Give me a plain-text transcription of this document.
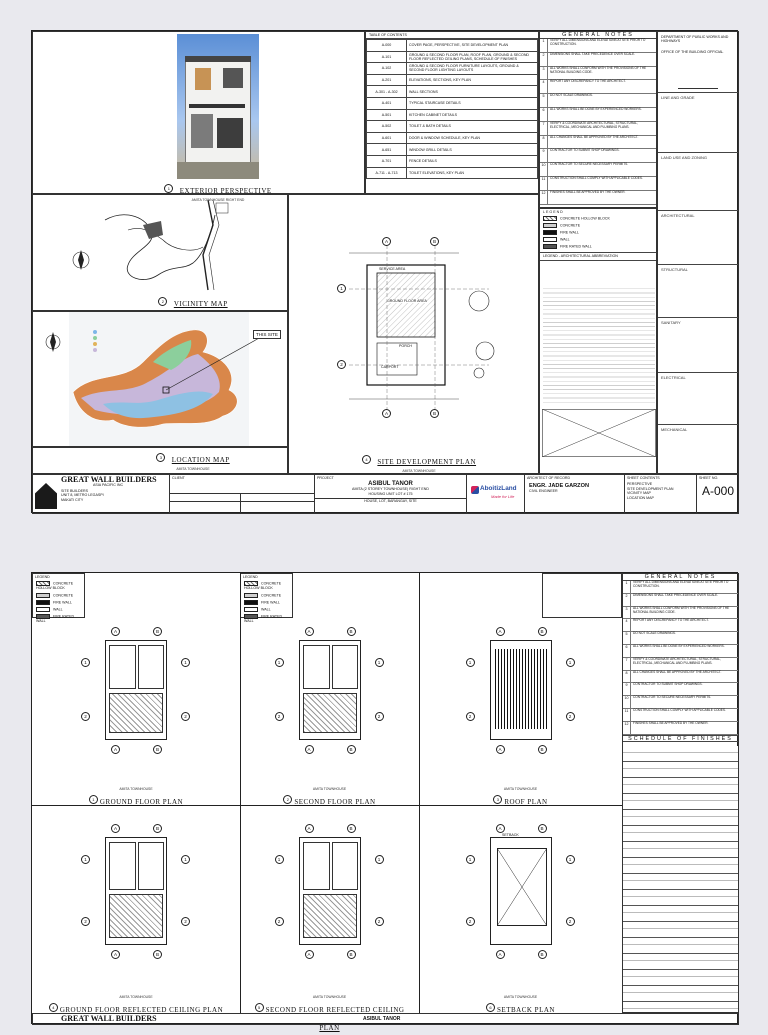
1 EXTERIOR PERSPECTIVE
AMITA TOWNHOUSE RIGHT END
TABLE OF CONTENTS
A-000	COVER PAGE, PERSPECTIVE, SITE DEVELOPMENT PLAN
A-101	GROUND & SECOND FLOOR PLAN, ROOF PLAN, GROUND & SECOND FLOOR REFLECTED CEILING PLANS, SCHEDULE OF FINISHES
A-102	GROUND & SECOND FLOOR FURNITURE LAYOUTS, GROUND & SECOND FLOOR LIGHTING LAYOUTS
A-201	ELEVATIONS, SECTIONS, KEY PLAN
A-301 - A-302	WALL SECTIONS
A-401	TYPICAL STAIRCASE DETAILS
A-501	KITCHEN CABINET DETAILS
A-502	TOILET & BATH DETAILS
A-601	DOOR & WINDOW SCHEDULE, KEY PLAN
A-651	WINDOW GRILL DETAILS
A-701	FENCE DETAILS
A-711 - A-713	TOILET ELEVATIONS, KEY PLAN
GENERAL NOTES
1	VERIFY ALL DIMENSIONS AND ELEVATIONS AT SITE PRIOR TO CONSTRUCTION.
2	DIMENSIONS SHALL TAKE PRECEDENCE OVER SCALE.
3	ALL WORKS SHALL CONFORM WITH THE PROVISIONS OF THE NATIONAL BUILDING CODE.
4	REPORT ANY DISCREPANCY TO THE ARCHITECT.
5	DO NOT SCALE DRAWINGS.
6	ALL WORKS SHALL BE DONE BY EXPERIENCED WORKERS.
7	VERIFY & COORDINATE ARCHITECTURAL, STRUCTURAL, ELECTRICAL, MECHANICAL AND PLUMBING PLANS.
8	ALL CHANGES SHALL BE APPROVED BY THE ARCHITECT.
9	CONTRACTOR TO SUBMIT SHOP DRAWINGS.
10	CONTRACTOR TO SECURE NECESSARY PERMITS.
11	CONSTRUCTION SHALL COMPLY WITH APPLICABLE CODES.
12	FINISHES SHALL BE APPROVED BY THE OWNER.
DEPARTMENT OF PUBLIC WORKS AND HIGHWAYS
OFFICE OF THE BUILDING OFFICIAL
LINE AND GRADE
LAND USE AND ZONING
ARCHITECTURAL
STRUCTURAL
SANITARY
ELECTRICAL
MECHANICAL
2 VICINITY MAP
THIS SITE
3 LOCATION MAP
AMITA TOWNHOUSE
1
2
A	B
A	B
SERVICE AREA
GROUND FLOOR AREA
PORCH
CARPORT
4 SITE DEVELOPMENT PLAN
AMITA TOWNHOUSE
LEGEND
CONCRETE HOLLOW BLOCK
CONCRETE
FIRE WALL
WALL
FIRE RATED WALL
LEGEND - ARCHITECTURAL ABBREVIATION
GREAT WALL BUILDERS
ASIA PACIFIC INC
SITE BUILDERS
UNIT 8, METRO LEGASPI
MAKATI CITY
CLIENT	PROJECT
ASIBUL TANOR
AMITA (2 STOREY TOWNHOUSE) RIGHT END
HOUSING UNIT LOT # 175
HOUSE, LOT, BARANGAY, SITE
AboitizLand
Made for Life
ARCHITECT OF RECORD
ENGR. JADE GARZON
CIVIL ENGINEER
SHEET CONTENTS
PERSPECTIVE
SITE DEVELOPMENT PLAN
VICINITY MAP
LOCATION MAP
SHEET NO.
A-000
LEGEND
CONCRETE HOLLOW BLOCK
CONCRETE
FIRE WALL
WALL
FIRE RATED WALL
LEGEND
CONCRETE HOLLOW BLOCK
CONCRETE
FIRE WALL
WALL
FIRE RATED WALL
A	B
A	B
1
2
1
2
AMITA TOWNHOUSE
1 GROUND FLOOR PLAN
A	B
A	B
1
2
1
2
AMITA TOWNHOUSE
2 SECOND FLOOR PLAN
A	B
A	B
1
2
1
2
AMITA TOWNHOUSE
3 ROOF PLAN
A	B
A	B
1
2
1
2
AMITA TOWNHOUSE
4 GROUND FLOOR REFLECTED CEILING PLAN
A	B
A	B
1
2
1
2
AMITA TOWNHOUSE
5 SECOND FLOOR REFLECTED CEILING PLAN
A	B
A	B
1
2
1
2
AMITA TOWNHOUSE
6 SETBACK PLAN
SETBACK
GENERAL NOTES
1	VERIFY ALL DIMENSIONS AND ELEVATIONS AT SITE PRIOR TO CONSTRUCTION.
2	DIMENSIONS SHALL TAKE PRECEDENCE OVER SCALE.
3	ALL WORKS SHALL CONFORM WITH THE PROVISIONS OF THE NATIONAL BUILDING CODE.
4	REPORT ANY DISCREPANCY TO THE ARCHITECT.
5	DO NOT SCALE DRAWINGS.
6	ALL WORKS SHALL BE DONE BY EXPERIENCED WORKERS.
7	VERIFY & COORDINATE ARCHITECTURAL, STRUCTURAL, ELECTRICAL, MECHANICAL AND PLUMBING PLANS.
8	ALL CHANGES SHALL BE APPROVED BY THE ARCHITECT.
9	CONTRACTOR TO SUBMIT SHOP DRAWINGS.
10	CONTRACTOR TO SECURE NECESSARY PERMITS.
11	CONSTRUCTION SHALL COMPLY WITH APPLICABLE CODES.
12	FINISHES SHALL BE APPROVED BY THE OWNER.
SCHEDULE OF FINISHES

GREAT WALL BUILDERS	ASIBUL TANOR
